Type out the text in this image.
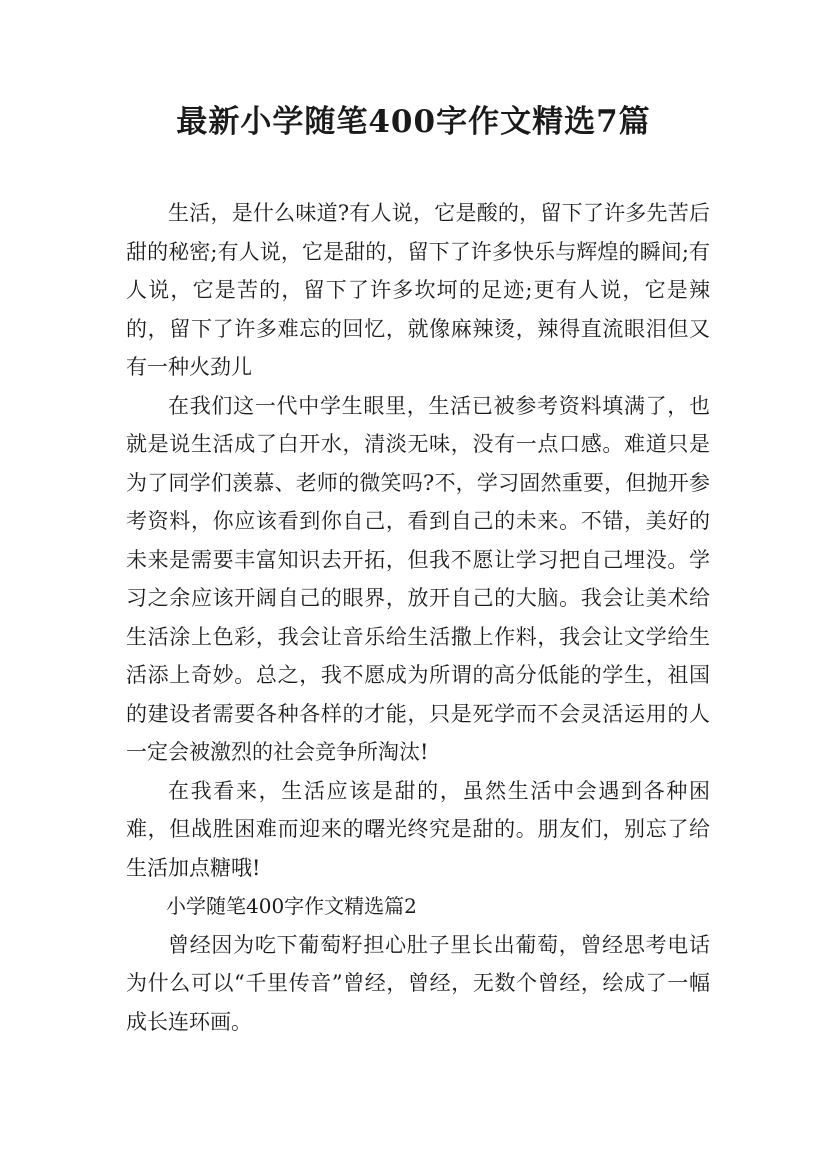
最新小学随笔400字作文精选7篇

生活，是什么味道?有人说，它是酸的，留下了许多先苦后甜的秘密;有人说，它是甜的，留下了许多快乐与辉煌的瞬间;有人说，它是苦的，留下了许多坎坷的足迹;更有人说，它是辣的，留下了许多难忘的回忆，就像麻辣烫，辣得直流眼泪但又有一种火劲儿

在我们这一代中学生眼里，生活已被参考资料填满了，也就是说生活成了白开水，清淡无味，没有一点口感。难道只是为了同学们羡慕、老师的微笑吗?不，学习固然重要，但抛开参考资料，你应该看到你自己，看到自己的未来。不错，美好的未来是需要丰富知识去开拓，但我不愿让学习把自己埋没。学习之余应该开阔自己的眼界，放开自己的大脑。我会让美术给生活涂上色彩，我会让音乐给生活撒上作料，我会让文学给生活添上奇妙。总之，我不愿成为所谓的高分低能的学生，祖国的建设者需要各种各样的才能，只是死学而不会灵活运用的人一定会被激烈的社会竞争所淘汰!

在我看来，生活应该是甜的，虽然生活中会遇到各种困难，但战胜困难而迎来的曙光终究是甜的。朋友们，别忘了给生活加点糖哦!

小学随笔400字作文精选篇2

曾经因为吃下葡萄籽担心肚子里长出葡萄，曾经思考电话为什么可以“千里传音”曾经，曾经，无数个曾经，绘成了一幅成长连环画。
